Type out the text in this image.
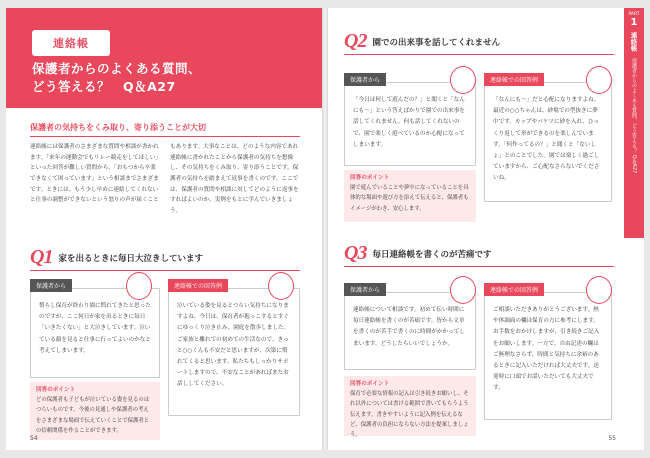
連絡帳
保護者からのよくある質問、
どう答える？　Q＆A27
保護者の気持ちをくみ取り、寄り添うことが大切

連絡帳には保護者のさまざまな質問や相談が書かれます。「来年の運動会でもリレー競走をしてほしい」といった回答が難しい質問から、「おもつから卒業できなくて困っています」という相談までさまざまです。ときには、もう少し早めに連絡してくれないと仕事の調整ができないという怒りの声が届くこと

もあります。大事なことは、どのような内容であれ連絡帳に書かれたことから保護者の気持ちを想像し、その気持ちをくみ取り、寄り添うことです。保護者の気持ちを踏まえて返事を書くのです。ここでは、保護者の質問や相談に対してどのように返事をすればよいのか、実例をもとに学んでいきましょう。

Q1 家を出るときに毎日大泣きしています
保護者から
慣らし保育が終わり園に慣れてきたと思ったのですが、ここ何日か家を出るときに毎日「いきたくない」と大泣きしています。泣いている顔を見ると仕事に行ってよいのかなと考えてしまいます。
回答のポイント
どの保護者も子どもが泣いている姿を見るのはつらいものです。今後の見通しや保護者の考えをさまざまな場面で伝えていくことで保護者との信頼関係を作ることができます。
連絡帳での回答例
泣いている姿を見るとつらい気持ちになりますよね。今日は、保育者が抱っこするとすぐにゆっくり泣き止み、園庭を散歩しました。ご家族と離れての初めての生活なので、きっと○○くんも不安だと思いますが、次第に慣れてくると思います。私たちもしっかりサポートしますので、不安なことがあればまたお話ししてください。
54
Q2 園での出来事を話してくれません
保護者から
「今日は何して遊んだの？」と聞くと「なんにも〜」という答えばかりで園での出来事を話してくれません。何も話してくれないので、園で楽しく遊べているのか心配になってしまいます。
回答のポイント
園で遊んでいることや夢中になっていることを具体的な場面や遊び方を添えて伝えると、保護者もイメージがわき、安心します。
連絡帳での回答例
「なんにも〜」だと心配になりますよね。最近の○○ちゃんは、砂場での型抜きに夢中です。カップやバケツに砂を入れ、ひっくり返して形ができるのを楽しんでいます。「何作ってるの？」と聞くと「ないしょ」とのことでした。園では楽しく過ごしていますから、ご心配なさらないでくださいね。
Q3 毎日連絡帳を書くのが苦痛です
保護者から
連絡帳について相談です。初めて伝い時間に毎日連絡帳を書くのが苦痛です。皆から文章を書くのが苦手で書くのに時間がかかってしまいます。どうしたらいいでしょうか。
回答のポイント
保育で必要な情報の記入は引き続きお願いし、それ以外については書ける範囲で書いてもらうよう伝えます。書きやすいように記入例を伝えるなど、保護者の負担にならない方法を提案しましょう。
連絡帳での回答例
ご相談いただきありがとうございます。熱や体調面の欄は保育の方に参考にします。お手数をおかけしますが、引き続きご記入をお願いします。一方で、自由記述の欄はご無理なさらず、時間と気持ちに余裕のあるときに記入いただければ大丈夫です。送迎時に口頭でお話いただいても大丈夫です。
PART
1
連絡帳
保護者からのよくある質問、どう答える？ Q＆A27
55
